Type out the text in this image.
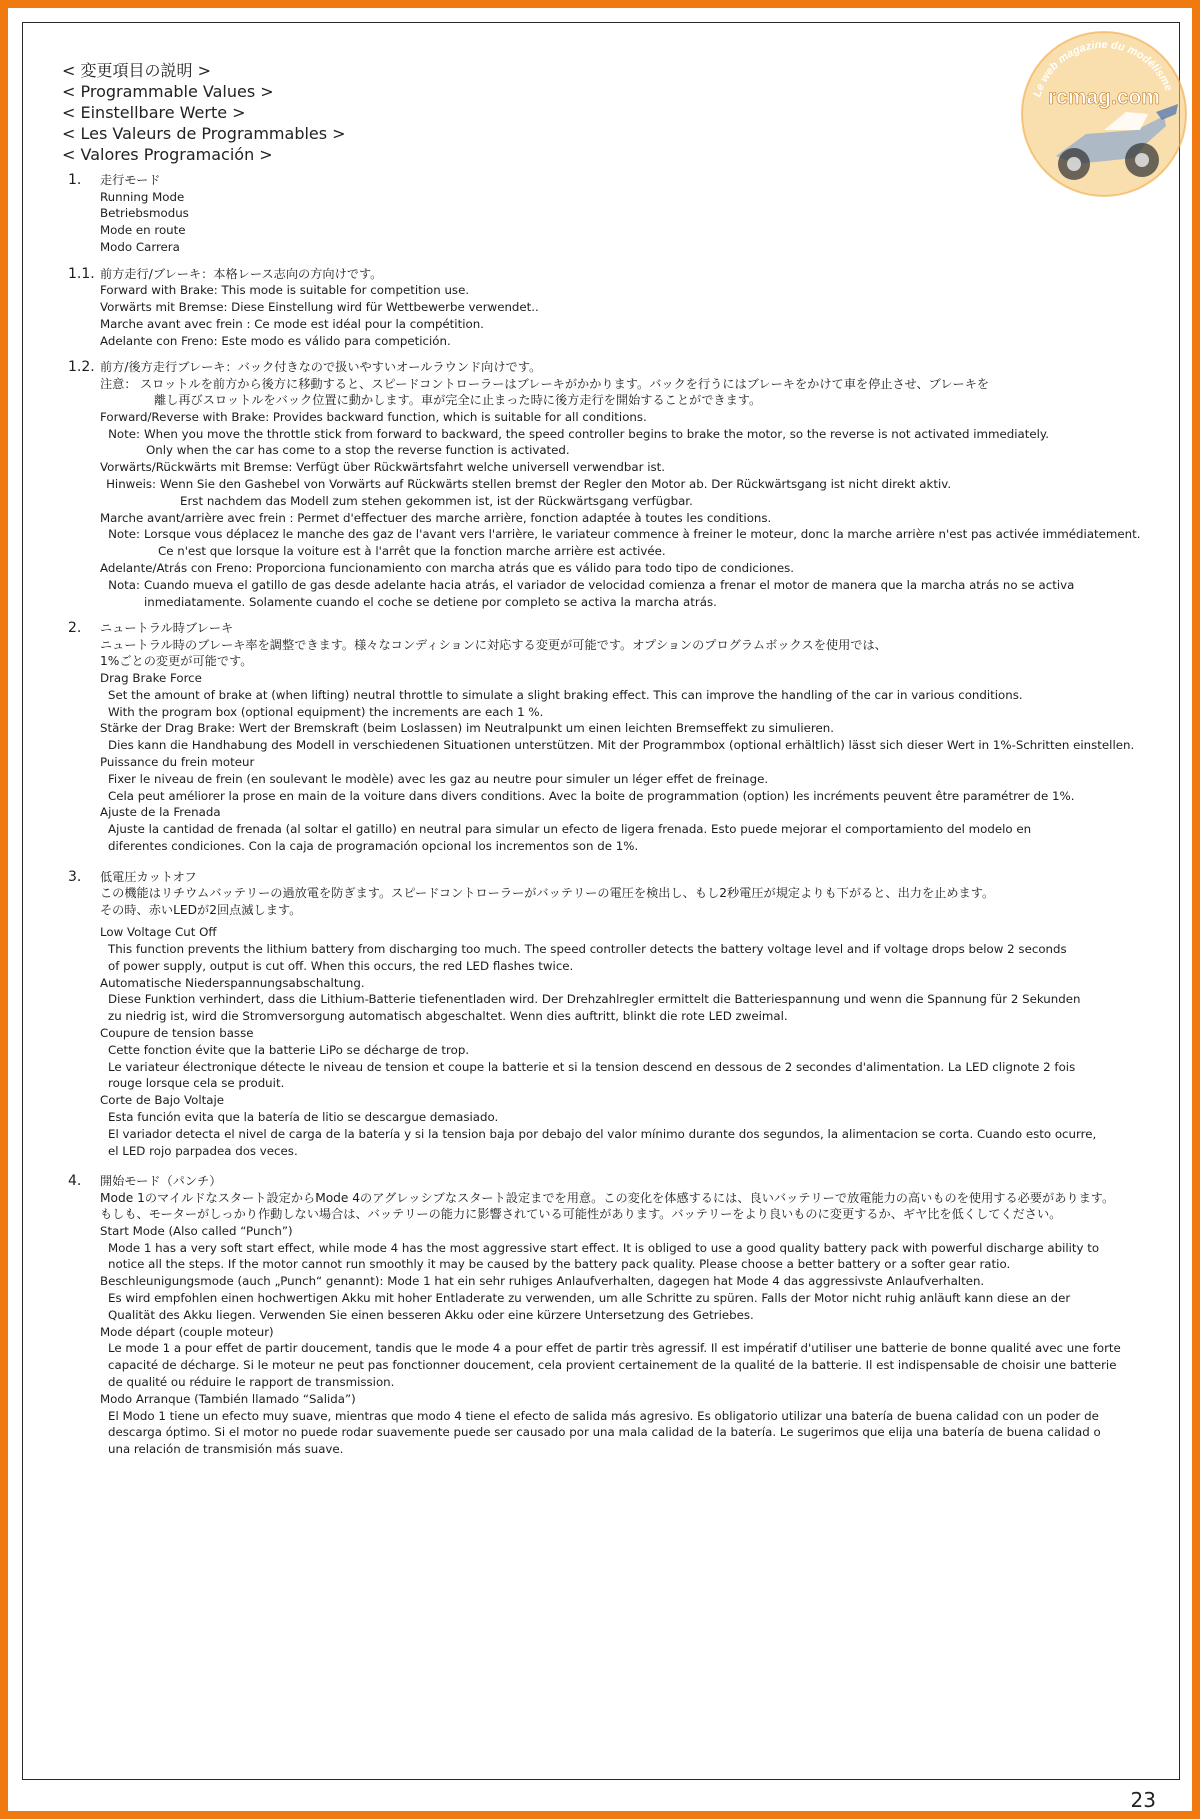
Le web magazine du modélisme
rcmag.com
< 変更項目の説明 >
< Programmable Values >
< Einstellbare Werte >
< Les Valeurs de Programmables >
< Valores Programación >
1. 走行モード
Running Mode
Betriebsmodus
Mode en route
Modo Carrera
1.1. 前方走行/ブレーキ：本格レース志向の方向けです。
Forward with Brake: This mode is suitable for competition use.
Vorwärts mit Bremse: Diese Einstellung wird für Wettbewerbe verwendet..
Marche avant avec frein : Ce mode est idéal pour la compétition.
Adelante con Freno: Este modo es válido para competición.
1.2. 前方/後方走行ブレーキ：バック付きなので扱いやすいオールラウンド向けです。
注意： スロットルを前方から後方に移動すると、スピードコントローラーはブレーキがかかります。バックを行うにはブレーキをかけて車を停止させ、ブレーキを
離し再びスロットルをバック位置に動かします。車が完全に止まった時に後方走行を開始することができます。
Forward/Reverse with Brake: Provides backward function, which is suitable for all conditions.
Note: When you move the throttle stick from forward to backward, the speed controller begins to brake the motor, so the reverse is not activated immediately.
Only when the car has come to a stop the reverse function is activated.
Vorwärts/Rückwärts mit Bremse: Verfügt über Rückwärtsfahrt welche universell verwendbar ist.
Hinweis: Wenn Sie den Gashebel von Vorwärts auf Rückwärts stellen bremst der Regler den Motor ab. Der Rückwärtsgang ist nicht direkt aktiv.
Erst nachdem das Modell zum stehen gekommen ist, ist der Rückwärtsgang verfügbar.
Marche avant/arrière avec frein : Permet d'effectuer des marche arrière, fonction adaptée à toutes les conditions.
Note: Lorsque vous déplacez le manche des gaz de l'avant vers l'arrière, le variateur commence à freiner le moteur, donc la marche arrière n'est pas activée immédiatement.
Ce n'est que lorsque la voiture est à l'arrêt que la fonction marche arrière est activée.
Adelante/Atrás con Freno: Proporciona funcionamiento con marcha atrás que es válido para todo tipo de condiciones.
Nota: Cuando mueva el gatillo de gas desde adelante hacia atrás, el variador de velocidad comienza a frenar el motor de manera que la marcha atrás no se activa
inmediatamente. Solamente cuando el coche se detiene por completo se activa la marcha atrás.
2. ニュートラル時ブレーキ
ニュートラル時のブレーキ率を調整できます。様々なコンディションに対応する変更が可能です。オプションのプログラムボックスを使用では、
1%ごとの変更が可能です。
Drag Brake Force
Set the amount of brake at (when lifting) neutral throttle to simulate a slight braking effect. This can improve the handling of the car in various conditions.
With the program box (optional equipment) the increments are each 1 %.
Stärke der Drag Brake: Wert der Bremskraft (beim Loslassen) im Neutralpunkt um einen leichten Bremseffekt zu simulieren.
Dies kann die Handhabung des Modell in verschiedenen Situationen unterstützen. Mit der Programmbox (optional erhältlich) lässt sich dieser Wert in 1%-Schritten einstellen.
Puissance du frein moteur
Fixer le niveau de frein (en soulevant le modèle) avec les gaz au neutre pour simuler un léger effet de freinage.
Cela peut améliorer la prose en main de la voiture dans divers conditions. Avec la boite de programmation (option) les incréments peuvent être paramétrer de 1%.
Ajuste de la Frenada
Ajuste la cantidad de frenada (al soltar el gatillo) en neutral para simular un efecto de ligera frenada. Esto puede mejorar el comportamiento del modelo en
diferentes condiciones. Con la caja de programación opcional los incrementos son de 1%.
3. 低電圧カットオフ
この機能はリチウムバッテリーの過放電を防ぎます。スピードコントローラーがバッテリーの電圧を検出し、もし2秒電圧が規定よりも下がると、出力を止めます。
その時、赤いLEDが2回点滅します。
Low Voltage Cut Off
This function prevents the lithium battery from discharging too much. The speed controller detects the battery voltage level and if voltage drops below 2 seconds
of power supply, output is cut off. When this occurs, the red LED flashes twice.
Automatische Niederspannungsabschaltung.
Diese Funktion verhindert, dass die Lithium-Batterie tiefenentladen wird. Der Drehzahlregler ermittelt die Batteriespannung und wenn die Spannung für 2 Sekunden
zu niedrig ist, wird die Stromversorgung automatisch abgeschaltet. Wenn dies auftritt, blinkt die rote LED zweimal.
Coupure de tension basse
Cette fonction évite que la batterie LiPo se décharge de trop.
Le variateur électronique détecte le niveau de tension et coupe la batterie et si la tension descend en dessous de 2 secondes d'alimentation. La LED clignote 2 fois
rouge lorsque cela se produit.
Corte de Bajo Voltaje
Esta función evita que la batería de litio se descargue demasiado.
El variador detecta el nivel de carga de la batería y si la tension baja por debajo del valor mínimo durante dos segundos, la alimentacion se corta. Cuando esto ocurre,
el LED rojo parpadea dos veces.
4. 開始モード（パンチ）
Mode 1のマイルドなスタート設定からMode 4のアグレッシブなスタート設定までを用意。この変化を体感するには、良いバッテリーで放電能力の高いものを使用する必要があります。
もしも、モーターがしっかり作動しない場合は、バッテリーの能力に影響されている可能性があります。バッテリーをより良いものに変更するか、ギヤ比を低くしてください。
Start Mode (Also called “Punch”)
Mode 1 has a very soft start effect, while mode 4 has the most aggressive start effect. It is obliged to use a good quality battery pack with powerful discharge ability to
notice all the steps. If the motor cannot run smoothly it may be caused by the battery pack quality. Please choose a better battery or a softer gear ratio.
Beschleunigungsmode (auch „Punch“ genannt): Mode 1 hat ein sehr ruhiges Anlaufverhalten, dagegen hat Mode 4 das aggressivste Anlaufverhalten.
Es wird empfohlen einen hochwertigen Akku mit hoher Entladerate zu verwenden, um alle Schritte zu spüren. Falls der Motor nicht ruhig anläuft kann diese an der
Qualität des Akku liegen. Verwenden Sie einen besseren Akku oder eine kürzere Untersetzung des Getriebes.
Mode départ (couple moteur)
Le mode 1 a pour effet de partir doucement, tandis que le mode 4 a pour effet de partir très agressif. Il est impératif d'utiliser une batterie de bonne qualité avec une forte
capacité de décharge. Si le moteur ne peut pas fonctionner doucement, cela provient certainement de la qualité de la batterie. Il est indispensable de choisir une batterie
de qualité ou réduire le rapport de transmission.
Modo Arranque (También llamado “Salida”)
El Modo 1 tiene un efecto muy suave, mientras que modo 4 tiene el efecto de salida más agresivo. Es obligatorio utilizar una batería de buena calidad con un poder de
descarga óptimo. Si el motor no puede rodar suavemente puede ser causado por una mala calidad de la batería. Le sugerimos que elija una batería de buena calidad o
una relación de transmisión más suave.
23
